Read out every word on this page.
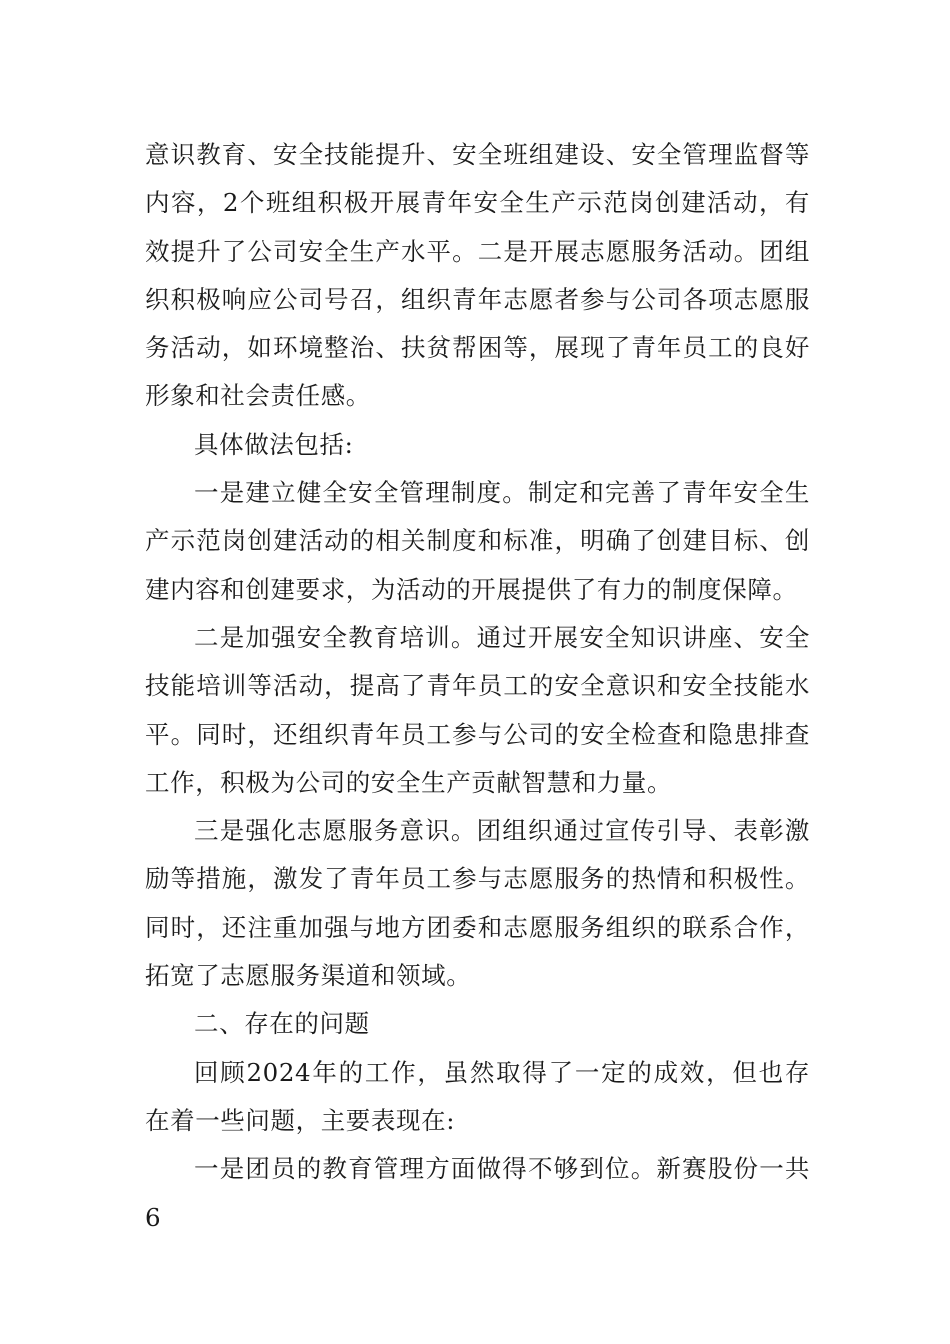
意识教育、安全技能提升、安全班组建设、安全管理监督等内容，2个班组积极开展青年安全生产示范岗创建活动，有效提升了公司安全生产水平。二是开展志愿服务活动。团组织积极响应公司号召，组织青年志愿者参与公司各项志愿服务活动，如环境整治、扶贫帮困等，展现了青年员工的良好形象和社会责任感。

具体做法包括:

一是建立健全安全管理制度。制定和完善了青年安全生产示范岗创建活动的相关制度和标准，明确了创建目标、创建内容和创建要求，为活动的开展提供了有力的制度保障。

二是加强安全教育培训。通过开展安全知识讲座、安全技能培训等活动，提高了青年员工的安全意识和安全技能水平。同时，还组织青年员工参与公司的安全检查和隐患排查工作，积极为公司的安全生产贡献智慧和力量。

三是强化志愿服务意识。团组织通过宣传引导、表彰激励等措施，激发了青年员工参与志愿服务的热情和积极性。同时，还注重加强与地方团委和志愿服务组织的联系合作，拓宽了志愿服务渠道和领域。

二、存在的问题

回顾2024年的工作，虽然取得了一定的成效，但也存在着一些问题，主要表现在:

一是团员的教育管理方面做得不够到位。新赛股份一共6
